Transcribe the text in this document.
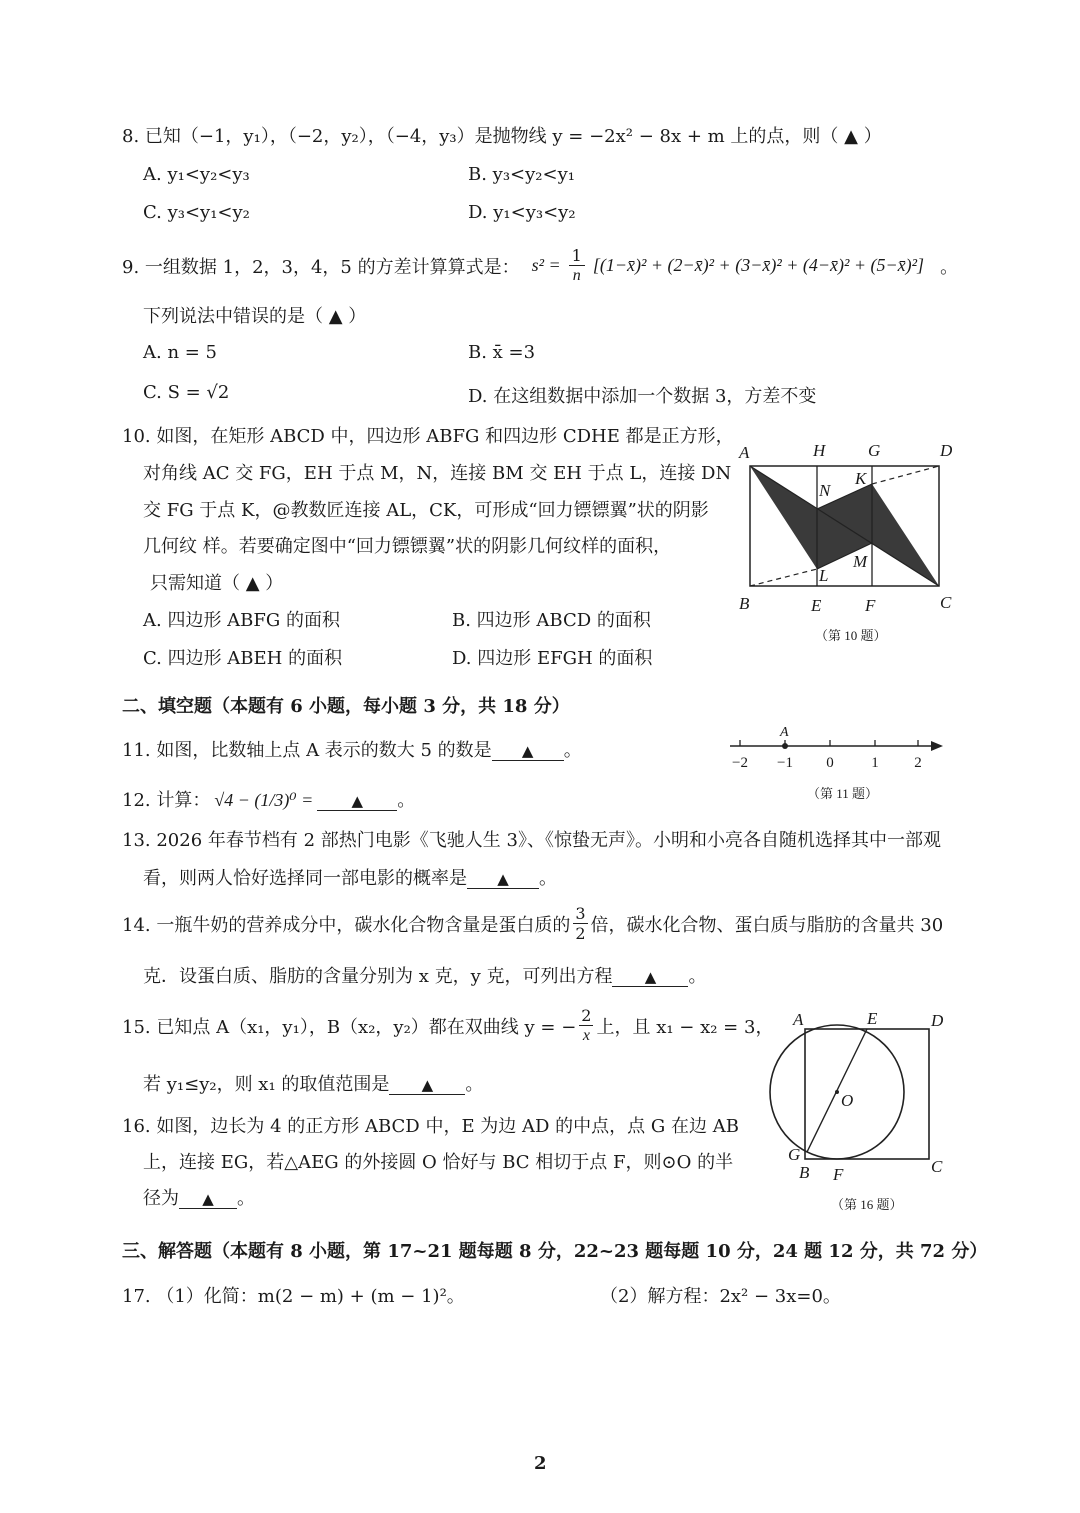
8. 已知（−1，y₁），（−2，y₂），（−4，y₃）是抛物线 y = −2x² − 8x + m 上的点，则（ ▲ ）
A. y₁<y₂<y₃	B. y₃<y₂<y₁
C. y₃<y₁<y₂	D. y₁<y₃<y₂
9. 一组数据 1，2，3，4，5 的方差计算算式是： $s^2 = \frac{1}{n}$ [(1−x̄)² + (2−x̄)² + (3−x̄)² + (4−x̄)² + (5−x̄)²] 。
下列说法中错误的是（ ▲ ）
A. n = 5	B. x̄ =3
C. S = √2	D. 在这组数据中添加一个数据 3，方差不变
10. 如图，在矩形 ABCD 中，四边形 ABFG 和四边形 CDHE 都是正方形，
对角线 AC 交 FG，EH 于点 M，N，连接 BM 交 EH 于点 L，连接 DN
交 FG 于点 K，@教数匠连接 AL，CK，可形成“回力镖镖翼”状的阴影
几何纹 样。若要确定图中“回力镖镖翼”状的阴影几何纹样的面积，
只需知道（ ▲ ）
A. 四边形 ABFG 的面积	B. 四边形 ABCD 的面积
C. 四边形 ABEH 的面积	D. 四边形 EFGH 的面积
A	H	G	D
N
K
M
L
B	E	F	C
（第 10 题）
二、填空题（本题有 6 小题，每小题 3 分，共 18 分）
11. 如图，比数轴上点 A 表示的数大 5 的数是 ▲ 。
A
−2 −1 0	1 2
（第 11 题）
12. 计算： √4 − (1/3)⁰ =	▲ 。
13. 2026 年春节档有 2 部热门电影《飞驰人生 3》、《惊蛰无声》。小明和小亮各自随机选择其中一部观
看，则两人恰好选择同一部电影的概率是 ▲ 。
14. 一瓶牛奶的营养成分中，碳水化合物含量是蛋白质的 $\frac{3}{2}$ 倍，碳水化合物、蛋白质与脂肪的含量共 30
克．设蛋白质、脂肪的含量分别为 x 克，y 克，可列出方程 ▲ 。
15. 已知点 A（x₁，y₁），B（x₂，y₂）都在双曲线 y = − $\frac{2}{x}$ 上，且 x₁ − x₂ = 3，
若 y₁≤y₂，则 x₁ 的取值范围是 ▲ 。
16. 如图，边长为 4 的正方形 ABCD 中，E 为边 AD 的中点，点 G 在边 AB
上，连接 EG，若△AEG 的外接圆 O 恰好与 BC 相切于点 F，则⊙O 的半
径为 ▲ 。
A	E	D
O
G
B F	C
（第 16 题）
三、解答题（本题有 8 小题，第 17~21 题每题 8 分，22~23 题每题 10 分，24 题 12 分，共 72 分）
17. （1）化简：m(2 − m) + (m − 1)²。	（2）解方程：2x² − 3x=0。
2
